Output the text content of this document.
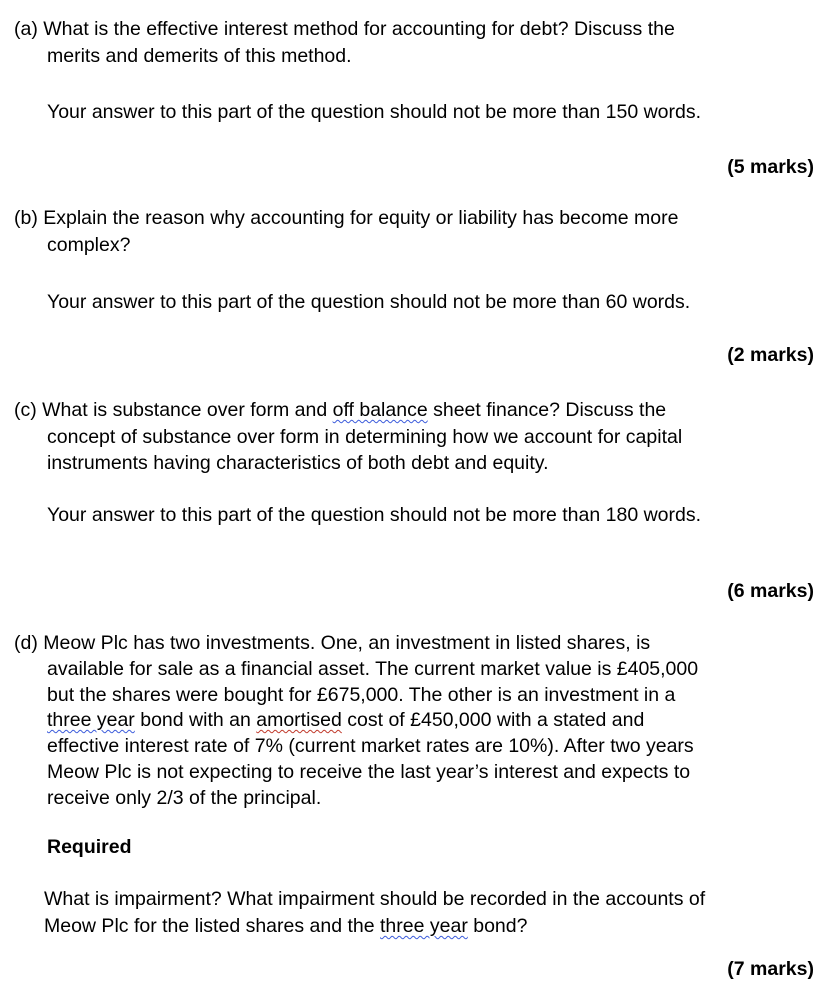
(a) What is the effective interest method for accounting for debt? Discuss the
merits and demerits of this method.
Your answer to this part of the question should not be more than 150 words.
(5 marks)
(b) Explain the reason why accounting for equity or liability has become more
complex?
Your answer to this part of the question should not be more than 60 words.
(2 marks)
(c) What is substance over form and off balance sheet finance? Discuss the
concept of substance over form in determining how we account for capital
instruments having characteristics of both debt and equity.
Your answer to this part of the question should not be more than 180 words.
(6 marks)
(d) Meow Plc has two investments. One, an investment in listed shares, is
available for sale as a financial asset. The current market value is £405,000
but the shares were bought for £675,000. The other is an investment in a
three year bond with an amortised cost of £450,000 with a stated and
effective interest rate of 7% (current market rates are 10%). After two years
Meow Plc is not expecting to receive the last year’s interest and expects to
receive only 2/3 of the principal.
Required
What is impairment? What impairment should be recorded in the accounts of
Meow Plc for the listed shares and the three year bond?
(7 marks)
